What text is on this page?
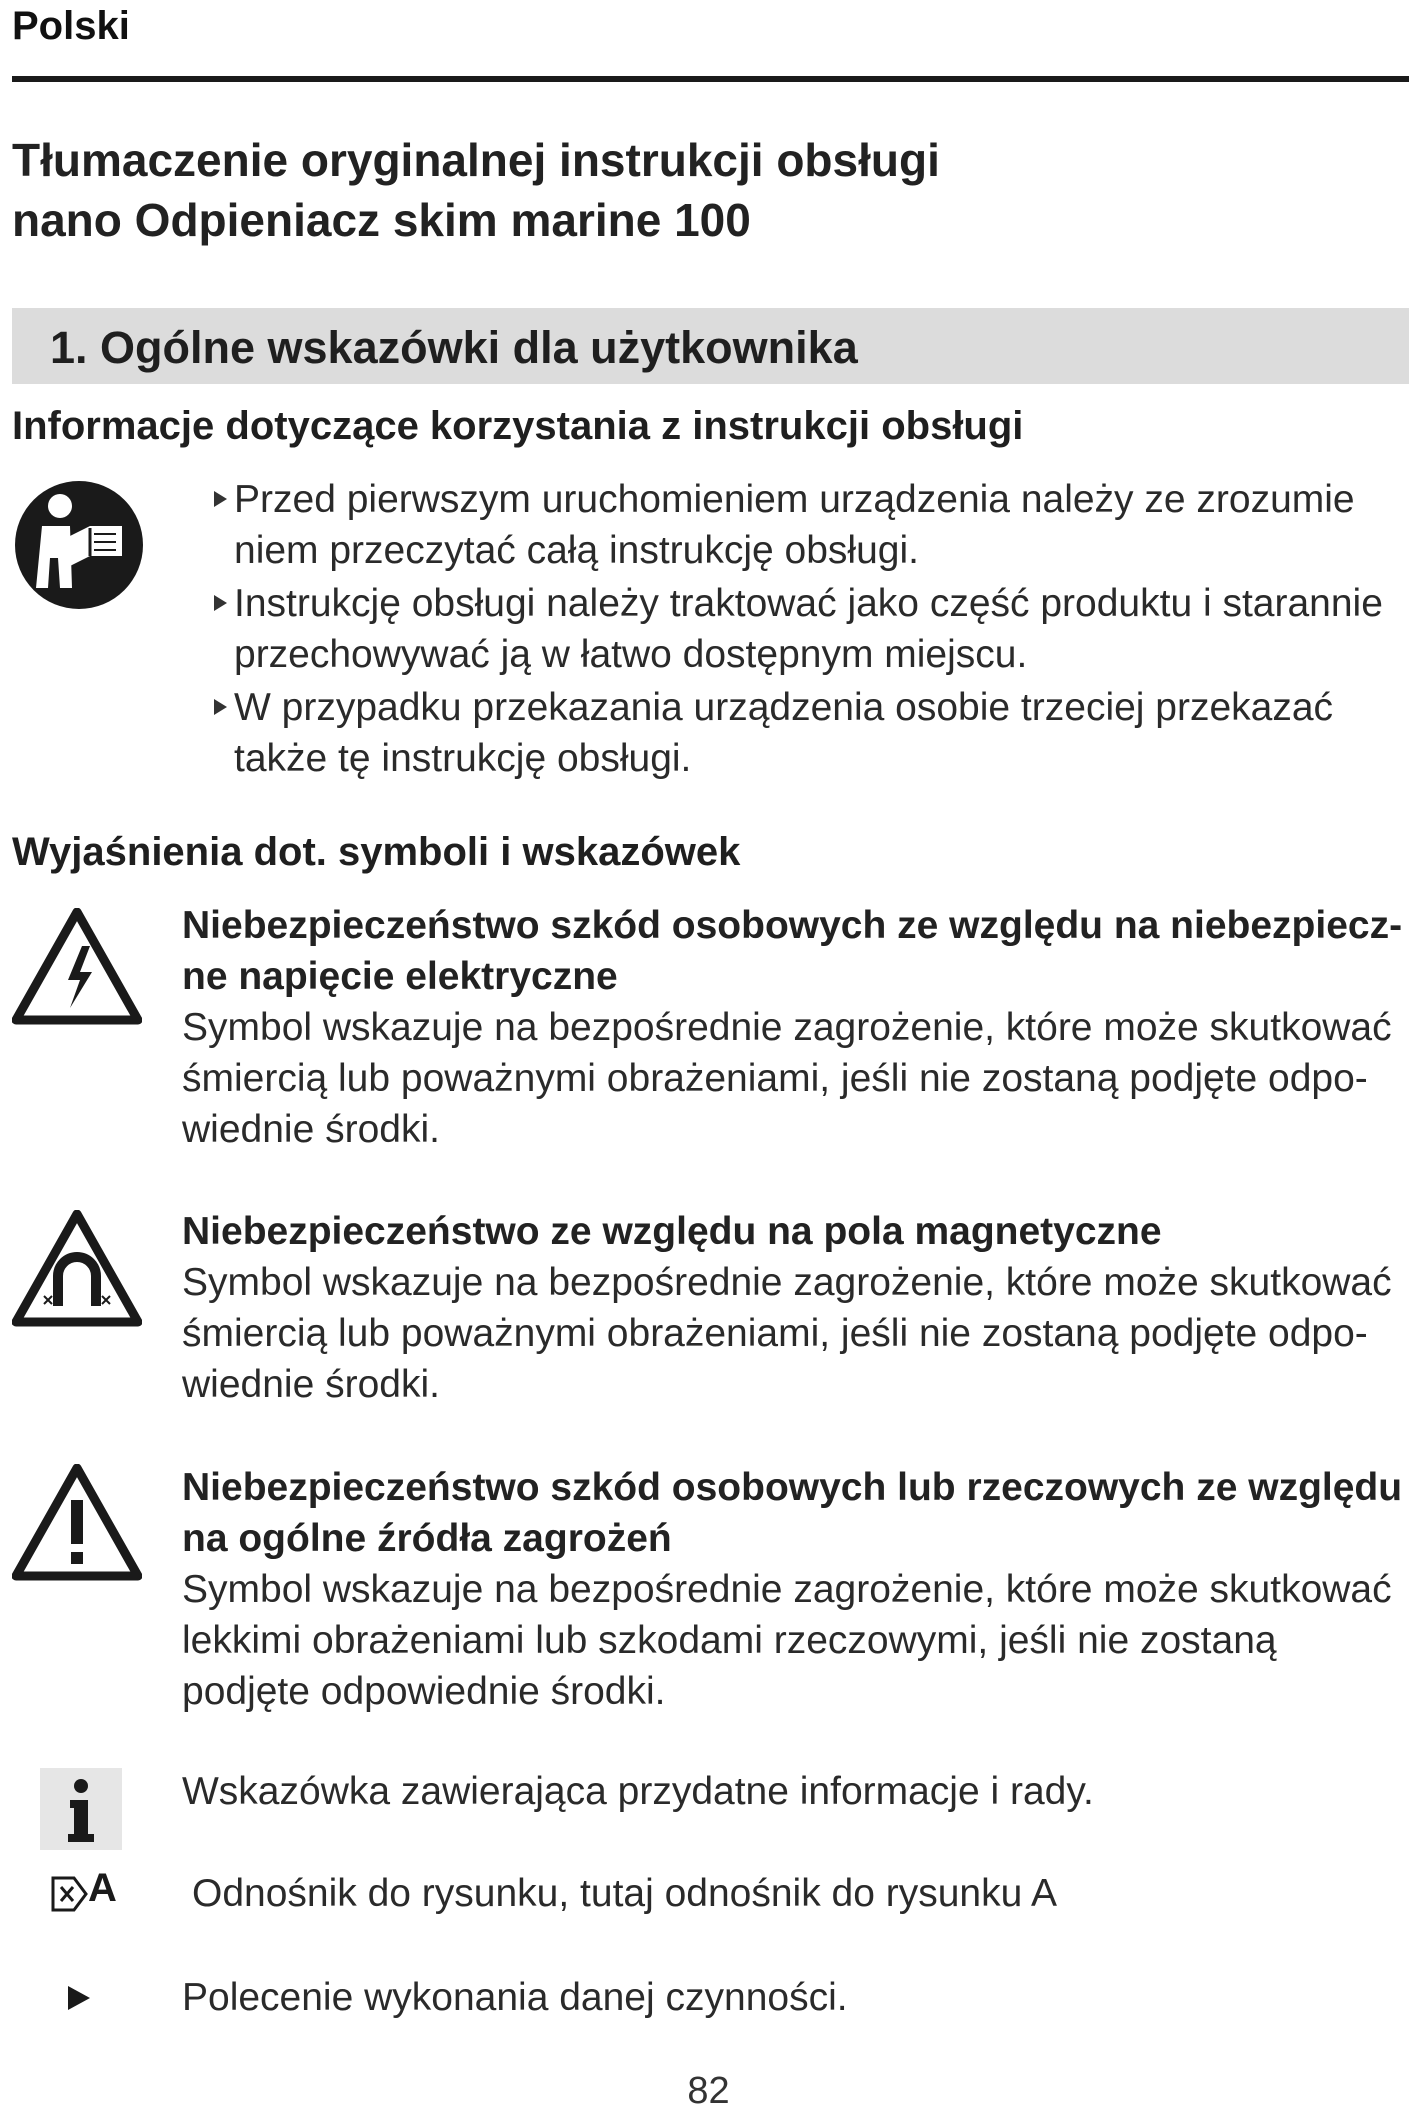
Polski
Tłumaczenie oryginalnej instrukcji obsługi
nano Odpieniacz skim marine 100
1. Ogólne wskazówki dla użytkownika
Informacje dotyczące korzystania z instrukcji obsługi
Przed pierwszym uruchomieniem urządzenia należy ze zrozumie niem przeczytać całą instrukcję obsługi.
Instrukcję obsługi należy traktować jako część produktu i starannie przechowywać ją w łatwo dostępnym miejscu.
W przypadku przekazania urządzenia osobie trzeciej przekazać także tę instrukcję obsługi.
Wyjaśnienia dot. symboli i wskazówek
Niebezpieczeństwo szkód osobowych ze względu na niebezpiecz- ne napięcie elektryczne
Symbol wskazuje na bezpośrednie zagrożenie, które może skutkować śmiercią lub poważnymi obrażeniami, jeśli nie zostaną podjęte odpo- wiednie środki.
Niebezpieczeństwo ze względu na pola magnetyczne
Symbol wskazuje na bezpośrednie zagrożenie, które może skutkować śmiercią lub poważnymi obrażeniami, jeśli nie zostaną podjęte odpo- wiednie środki.
Niebezpieczeństwo szkód osobowych lub rzeczowych ze względu na ogólne źródła zagrożeń
Symbol wskazuje na bezpośrednie zagrożenie, które może skutkować lekkimi obrażeniami lub szkodami rzeczowymi, jeśli nie zostaną podjęte odpowiednie środki.
Wskazówka zawierająca przydatne informacje i rady.
A Odnośnik do rysunku, tutaj odnośnik do rysunku A
Polecenie wykonania danej czynności.
82
